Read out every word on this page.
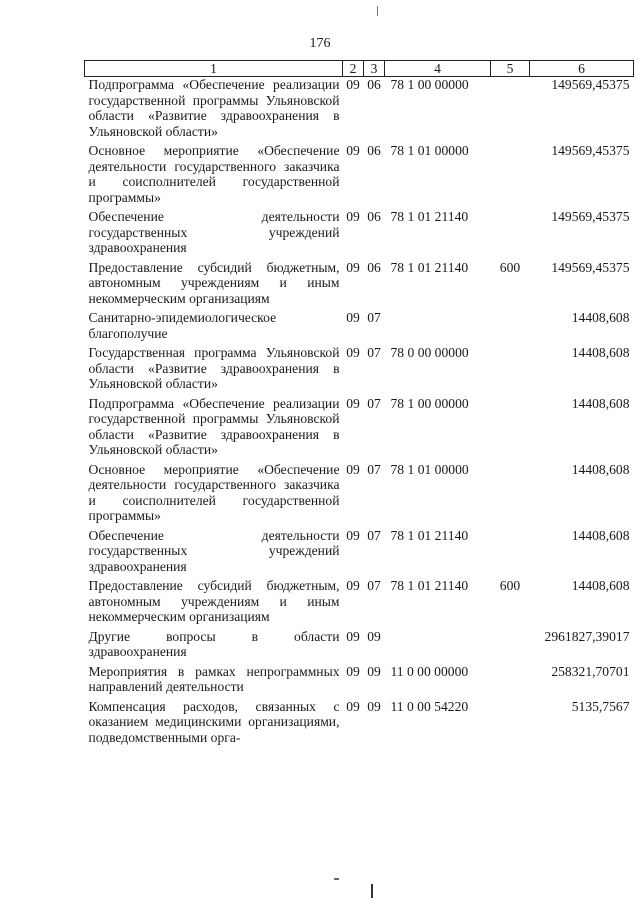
176
1	2	3	4	5	6
Подпрограмма «Обеспечение реализации государственной программы Ульяновской области «Развитие здравоохранения в Ульяновской области»	09	06	78 1 00 00000		149569,45375
Основное мероприятие «Обеспечение деятельности государственного заказчика и соисполнителей государственной программы»	09	06	78 1 01 00000		149569,45375
Обеспечение деятельности государственных учреждений здравоохранения	09	06	78 1 01 21140		149569,45375
Предоставление субсидий бюджетным, автономным учреждениям и иным некоммерческим организациям	09	06	78 1 01 21140	600	149569,45375
Санитарно-эпидемиологическое благополучие	09	07			14408,608
Государственная программа Ульяновской области «Развитие здравоохранения в Ульяновской области»	09	07	78 0 00 00000		14408,608
Подпрограмма «Обеспечение реализации государственной программы Ульяновской области «Развитие здравоохранения в Ульяновской области»	09	07	78 1 00 00000		14408,608
Основное мероприятие «Обеспечение деятельности государственного заказчика и соисполнителей государственной программы»	09	07	78 1 01 00000		14408,608
Обеспечение деятельности государственных учреждений здравоохранения	09	07	78 1 01 21140		14408,608
Предоставление субсидий бюджетным, автономным учреждениям и иным некоммерческим организациям	09	07	78 1 01 21140	600	14408,608
Другие вопросы в области здравоохранения	09	09			2961827,39017
Мероприятия в рамках непрограммных направлений деятельности	09	09	11 0 00 00000		258321,70701
Компенсация расходов, связанных с оказанием медицинскими организациями, подведомственными орга-	09	09	11 0 00 54220		5135,7567
